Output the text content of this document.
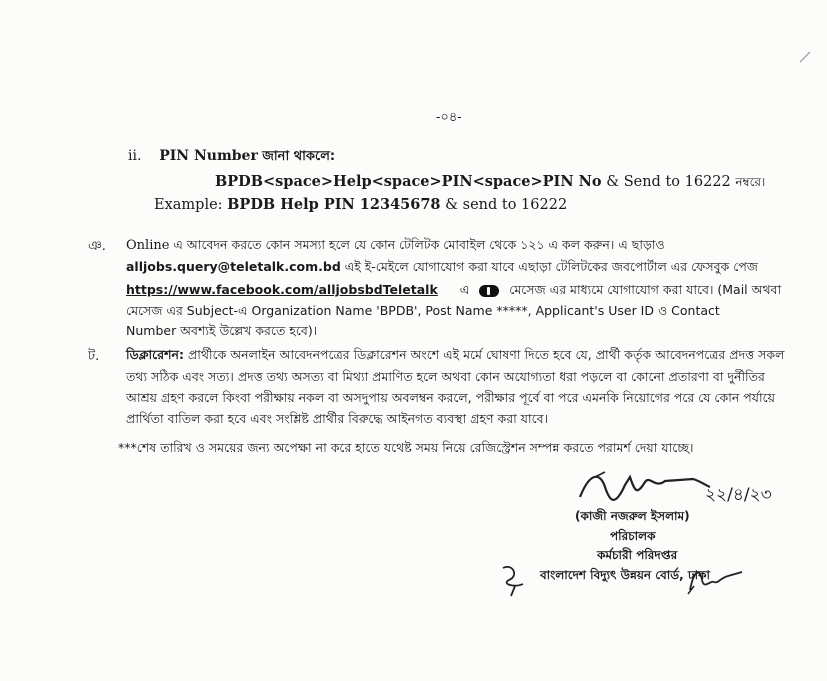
-০৪-
ii. PIN Number জানা থাকলে:
BPDB<space>Help<space>PIN<space>PIN No & Send to 16222 নম্বরে।
Example: BPDB Help PIN 12345678 & send to 16222
ঞ. Online এ আবেদন করতে কোন সমস্যা হলে যে কোন টেলিটক মোবাইল থেকে ১২১ এ কল করুন। এ ছাড়াও
alljobs.query@teletalk.com.bd এই ই-মেইলে যোগাযোগ করা যাবে এছাড়া টেলিটকের জবপোর্টাল এর ফেসবুক পেজ
https://www.facebook.com/alljobsbdTeletalk এ	মেসেজ এর মাধ্যমে যোগাযোগ করা যাবে। (Mail অথবা
মেসেজ এর Subject-এ Organization Name 'BPDB', Post Name *****, Applicant's User ID ও Contact
Number অবশ্যই উল্লেখ করতে হবে)।
ট. ডিক্লারেশন: প্রার্থীকে অনলাইন আবেদনপত্রের ডিক্লারেশন অংশে এই মর্মে ঘোষণা দিতে হবে যে, প্রার্থী কর্তৃক আবেদনপত্রের প্রদত্ত সকল
তথ্য সঠিক এবং সত্য। প্রদত্ত তথ্য অসত্য বা মিথ্যা প্রমাণিত হলে অথবা কোন অযোগ্যতা ধরা পড়লে বা কোনো প্রতারণা বা দুর্নীতির
আশ্রয় গ্রহণ করলে কিংবা পরীক্ষায় নকল বা অসদুপায় অবলম্বন করলে, পরীক্ষার পূর্বে বা পরে এমনকি নিয়োগের পরে যে কোন পর্যায়ে
প্রার্থিতা বাতিল করা হবে এবং সংশ্লিষ্ট প্রার্থীর বিরুদ্ধে আইনগত ব্যবস্থা গ্রহণ করা যাবে।
***শেষ তারিখ ও সময়ের জন্য অপেক্ষা না করে হাতে যথেষ্ট সময় নিয়ে রেজিস্ট্রেশন সম্পন্ন করতে পরামর্শ দেয়া যাচ্ছে।
২২/৪/২৩
(কাজী নজরুল ইসলাম)
পরিচালক
কর্মচারী পরিদপ্তর
বাংলাদেশ বিদ্যুৎ উন্নয়ন বোর্ড, ঢাকা
